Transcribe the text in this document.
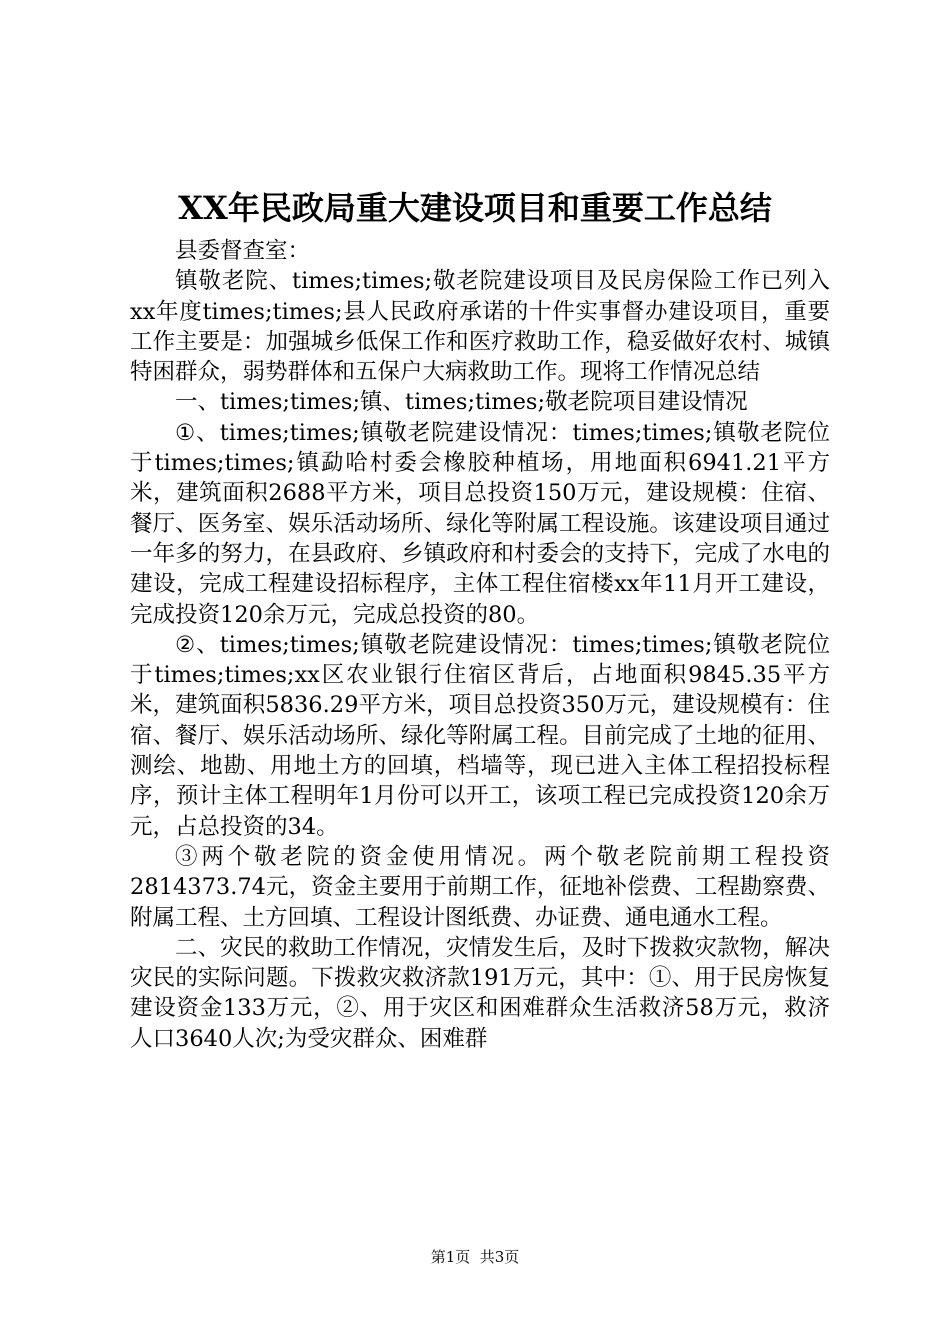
XX年民政局重大建设项目和重要工作总结

县委督查室：

镇敬老院、times;times;敬老院建设项目及民房保险工作已列入xx年度times;times;县人民政府承诺的十件实事督办建设项目，重要工作主要是：加强城乡低保工作和医疗救助工作，稳妥做好农村、城镇特困群众，弱势群体和五保户大病救助工作。现将工作情况总结

一、times;times;镇、times;times;敬老院项目建设情况

①、times;times;镇敬老院建设情况：times;times;镇敬老院位于times;times;镇勐哈村委会橡胶种植场，用地面积6941.21平方米，建筑面积2688平方米，项目总投资150万元，建设规模：住宿、餐厅、医务室、娱乐活动场所、绿化等附属工程设施。该建设项目通过一年多的努力，在县政府、乡镇政府和村委会的支持下，完成了水电的建设，完成工程建设招标程序，主体工程住宿楼xx年11月开工建设，完成投资120余万元，完成总投资的80。

②、times;times;镇敬老院建设情况：times;times;镇敬老院位于times;times;xx区农业银行住宿区背后，占地面积9845.35平方米，建筑面积5836.29平方米，项目总投资350万元，建设规模有：住宿、餐厅、娱乐活动场所、绿化等附属工程。目前完成了土地的征用、测绘、地勘、用地土方的回填，档墙等，现已进入主体工程招投标程序，预计主体工程明年1月份可以开工，该项工程已完成投资120余万元，占总投资的34。

③两个敬老院的资金使用情况。两个敬老院前期工程投资2814373.74元，资金主要用于前期工作，征地补偿费、工程勘察费、附属工程、土方回填、工程设计图纸费、办证费、通电通水工程。

二、灾民的救助工作情况，灾情发生后，及时下拨救灾款物，解决灾民的实际问题。下拨救灾救济款191万元，其中：①、用于民房恢复建设资金133万元，②、用于灾区和困难群众生活救济58万元，救济人口3640人次;为受灾群众、困难群

第1页  共3页
